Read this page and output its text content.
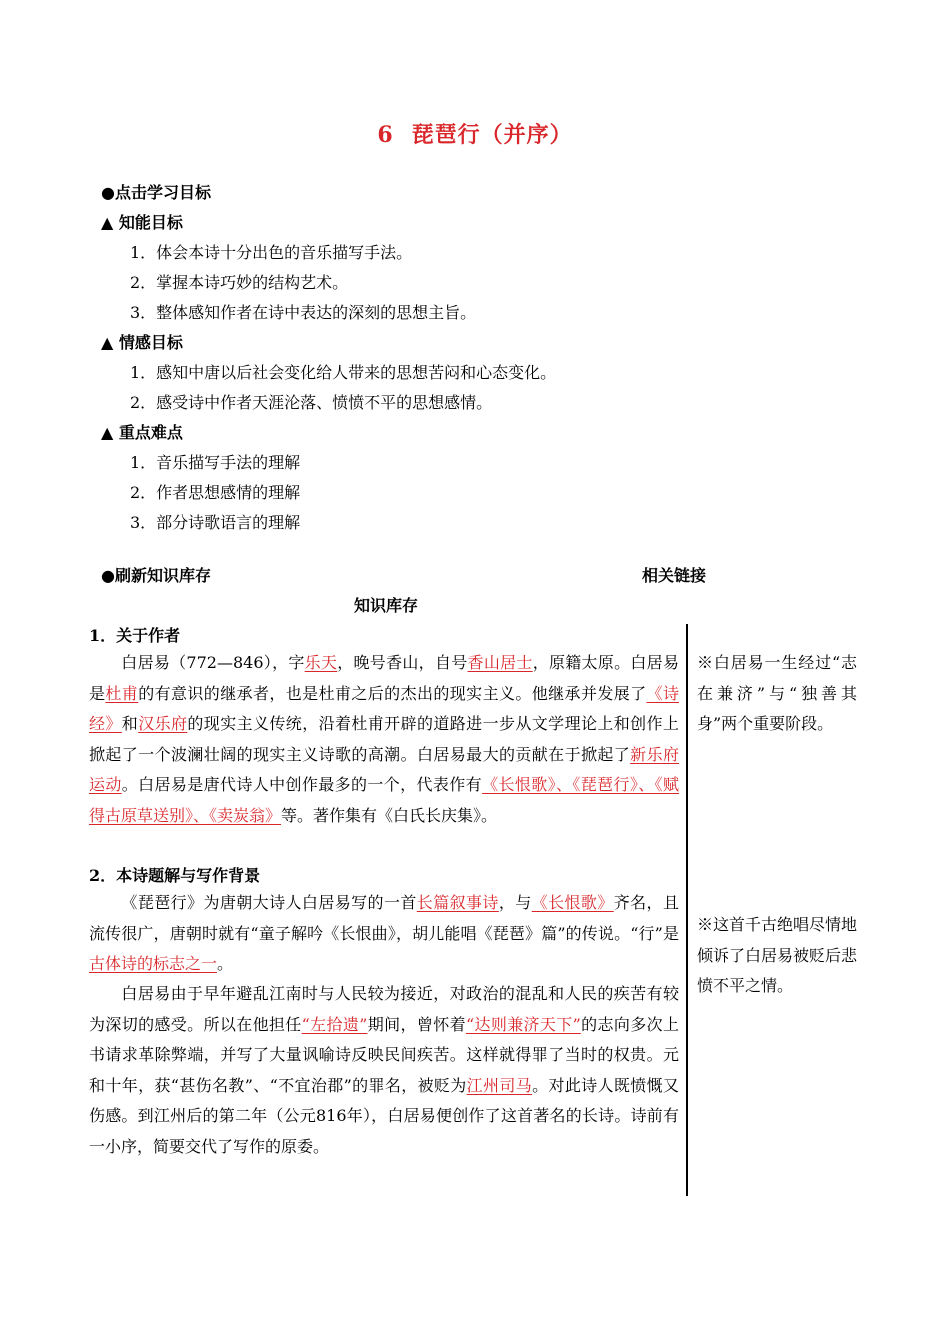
6 琵琶行（并序）
●点击学习目标
▲ 知能目标
1．体会本诗十分出色的音乐描写手法。
2．掌握本诗巧妙的结构艺术。
3．整体感知作者在诗中表达的深刻的思想主旨。
▲ 情感目标
1．感知中唐以后社会变化给人带来的思想苦闷和心态变化。
2．感受诗中作者天涯沦落、愤愤不平的思想感情。
▲ 重点难点
1．音乐描写手法的理解
2．作者思想感情的理解
3．部分诗歌语言的理解
●刷新知识库存	相关链接
知识库存
1．关于作者
白居易（772—846），字乐天，晚号香山，自号香山居士，原籍太原。白居易是杜甫的有意识的继承者，也是杜甫之后的杰出的现实主义。他继承并发展了《诗经》和汉乐府的现实主义传统，沿着杜甫开辟的道路进一步从文学理论上和创作上掀起了一个波澜壮阔的现实主义诗歌的高潮。白居易最大的贡献在于掀起了新乐府运动。白居易是唐代诗人中创作最多的一个，代表作有《长恨歌》、《琵琶行》、《赋得古原草送别》、《卖炭翁》等。著作集有《白氏长庆集》。
2．本诗题解与写作背景
《琵琶行》为唐朝大诗人白居易写的一首长篇叙事诗，与《长恨歌》齐名，且流传很广，唐朝时就有“童子解吟《长恨曲》，胡儿能唱《琵琶》篇”的传说。“行”是古体诗的标志之一。
白居易由于早年避乱江南时与人民较为接近，对政治的混乱和人民的疾苦有较为深切的感受。所以在他担任“左拾遗”期间，曾怀着“达则兼济天下”的志向多次上书请求革除弊端，并写了大量讽喻诗反映民间疾苦。这样就得罪了当时的权贵。元和十年，获“甚伤名教”、“不宜治郡”的罪名，被贬为江州司马。对此诗人既愤慨又伤感。到江州后的第二年（公元816年），白居易便创作了这首著名的长诗。诗前有一小序，简要交代了写作的原委。
※白居易一生经过“志在兼济”与“独善其身”两个重要阶段。
※这首千古绝唱尽情地倾诉了白居易被贬后悲愤不平之情。
